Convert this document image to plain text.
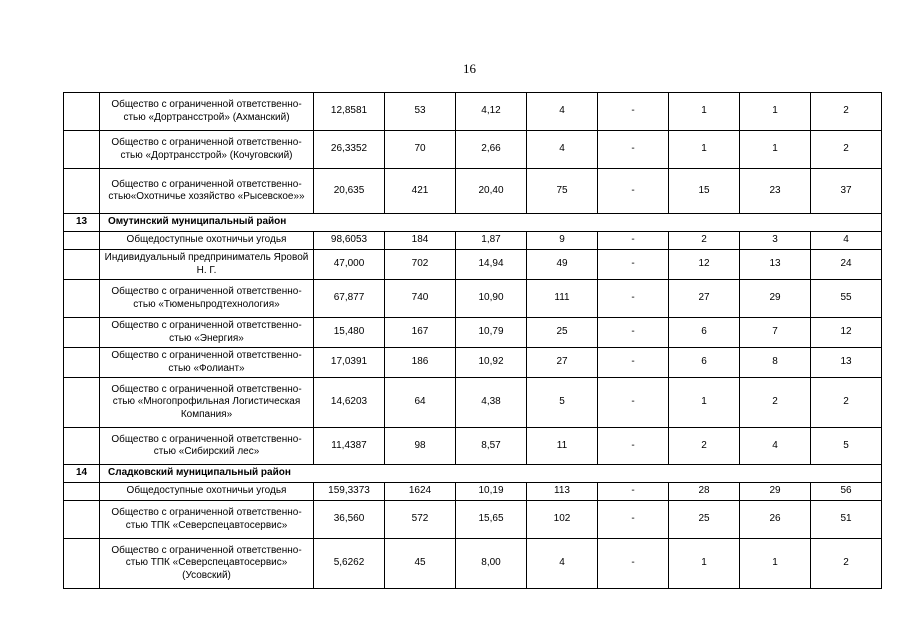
16
	Общество с ограниченной ответственно-стью «Дортрансстрой» (Ахманский)	12,8581	53	4,12	4	-	1	1	2
	Общество с ограниченной ответственно-стью «Дортрансстрой» (Кочуговский)	26,3352	70	2,66	4	-	1	1	2
	Общество с ограниченной ответственно-стью«Охотничье хозяйство «Рысевское»»	20,635	421	20,40	75	-	15	23	37
13	Омутинский муниципальный район								
	Общедоступные охотничьи угодья	98,6053	184	1,87	9	-	2	3	4
	Индивидуальный предприниматель Яровой Н. Г.	47,000	702	14,94	49	-	12	13	24
	Общество с ограниченной ответственно-стью «Тюменьпродтехнология»	67,877	740	10,90	111	-	27	29	55
	Общество с ограниченной ответственно-стью «Энергия»	15,480	167	10,79	25	-	6	7	12
	Общество с ограниченной ответственно-стью «Фолиант»	17,0391	186	10,92	27	-	6	8	13
	Общество с ограниченной ответственно-стью «Многопрофильная Логистическая Компания»	14,6203	64	4,38	5	-	1	2	2
	Общество с ограниченной ответственно-стью «Сибирский лес»	11,4387	98	8,57	11	-	2	4	5
14	Сладковский муниципальный район								
	Общедоступные охотничьи угодья	159,3373	1624	10,19	113	-	28	29	56
	Общество с ограниченной ответственно-стью ТПК «Северспецавтосервис»	36,560	572	15,65	102	-	25	26	51
	Общество с ограниченной ответственно-стью ТПК «Северспецавтосервис» (Усовский)	5,6262	45	8,00	4	-	1	1	2
